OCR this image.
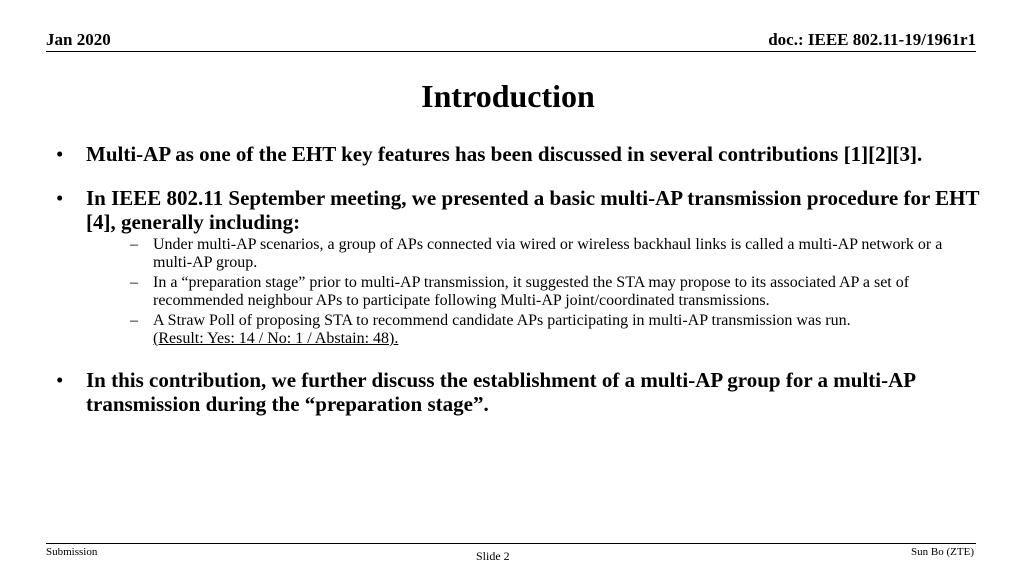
Jan 2020	doc.: IEEE 802.11-19/1961r1
Introduction
• Multi-AP as one of the EHT key features has been discussed in several contributions [1][2][3].
• In IEEE 802.11 September meeting, we presented a basic multi-AP transmission procedure for EHT [4], generally including:
– Under multi-AP scenarios, a group of APs connected via wired or wireless backhaul links is called a multi-AP network or a multi-AP group.
– In a “preparation stage” prior to multi-AP transmission, it suggested the STA may propose to its associated AP a set of recommended neighbour APs to participate following Multi-AP joint/coordinated transmissions.
– A Straw Poll of proposing STA to recommend candidate APs participating in multi-AP transmission was run.
(Result: Yes: 14 / No: 1 / Abstain: 48).
• In this contribution, we further discuss the establishment of a multi-AP group for a multi-AP transmission during the “preparation stage”.
Submission	Slide 2	Sun Bo (ZTE)
